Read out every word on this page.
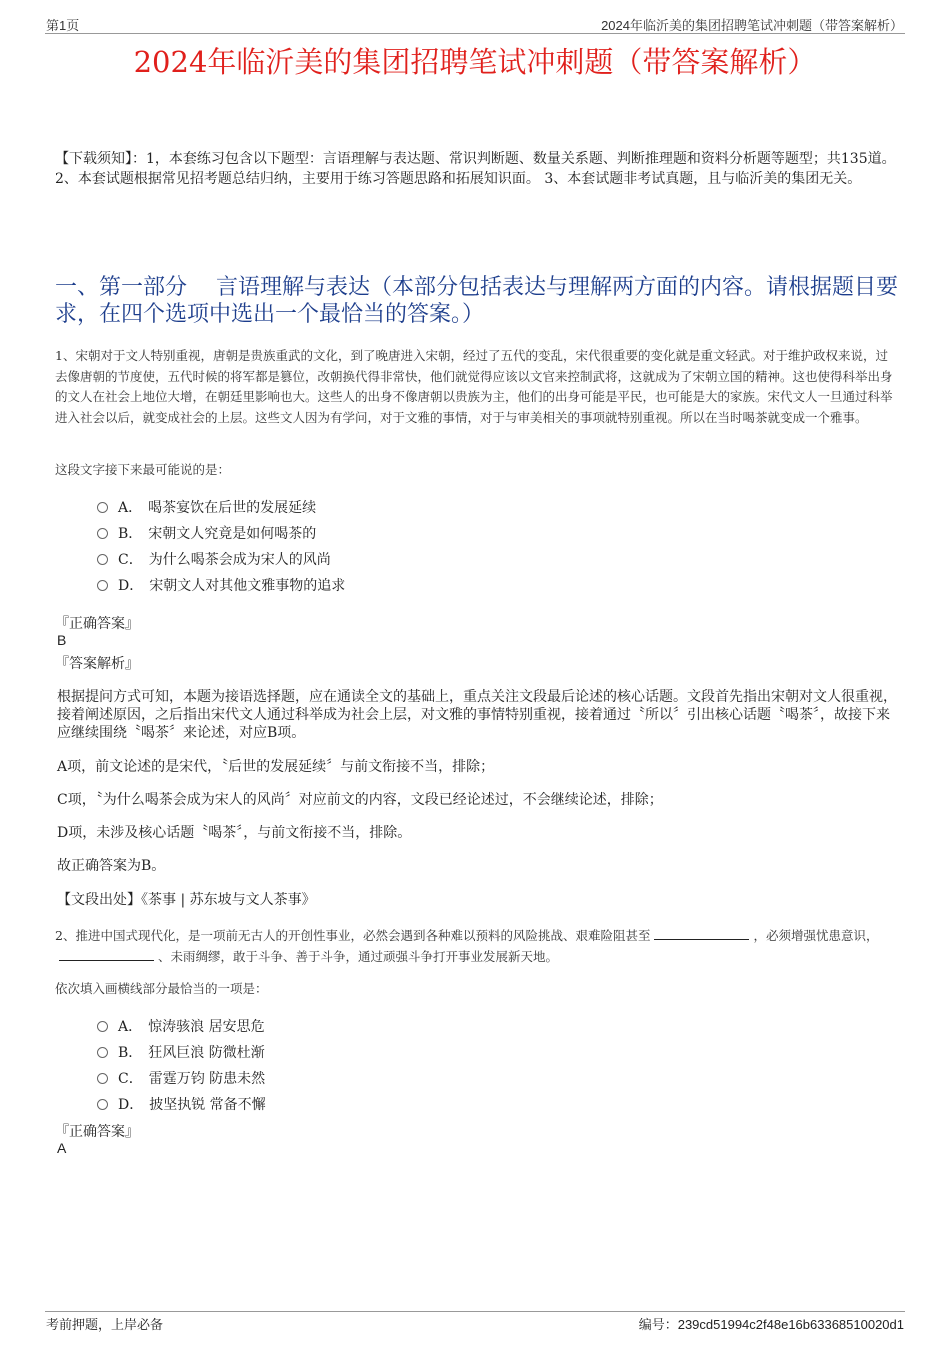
第1页	2024年临沂美的集团招聘笔试冲刺题（带答案解析）
2024年临沂美的集团招聘笔试冲刺题（带答案解析）
【下载须知】：1，本套练习包含以下题型：言语理解与表达题、常识判断题、数量关系题、判断推理题和资料分析题等题型；共135道。 2、本套试题根据常见招考题总结归纳，主要用于练习答题思路和拓展知识面。 3、本套试题非考试真题，且与临沂美的集团无关。
一、第一部分　 言语理解与表达（本部分包括表达与理解两方面的内容。请根据题目要求，在四个选项中选出一个最恰当的答案。）
1、宋朝对于文人特别重视，唐朝是贵族重武的文化，到了晚唐进入宋朝，经过了五代的变乱，宋代很重要的变化就是重文轻武。对于维护政权来说，过去像唐朝的节度使，五代时候的将军都是篡位，改朝换代得非常快，他们就觉得应该以文官来控制武将，这就成为了宋朝立国的精神。这也使得科举出身的文人在社会上地位大增，在朝廷里影响也大。这些人的出身不像唐朝以贵族为主，他们的出身可能是平民，也可能是大的家族。宋代文人一旦通过科举进入社会以后，就变成社会的上层。这些文人因为有学问，对于文雅的事情，对于与审美相关的事项就特别重视。所以在当时喝茶就变成一个雅事。
这段文字接下来最可能说的是：
A． 喝茶宴饮在后世的发展延续
B． 宋朝文人究竟是如何喝茶的
C． 为什么喝茶会成为宋人的风尚
D． 宋朝文人对其他文雅事物的追求
『正确答案』
B
『答案解析』
根据提问方式可知，本题为接语选择题，应在通读全文的基础上，重点关注文段最后论述的核心话题。文段首先指出宋朝对文人很重视，接着阐述原因，之后指出宋代文人通过科举成为社会上层，对文雅的事情特别重视，接着通过〝所以〞引出核心话题〝喝茶〞，故接下来应继续围绕〝喝茶〞来论述，对应B项。
A项，前文论述的是宋代，〝后世的发展延续〞与前文衔接不当，排除；
C项，〝为什么喝茶会成为宋人的风尚〞对应前文的内容，文段已经论述过，不会继续论述，排除；
D项，未涉及核心话题〝喝茶〞，与前文衔接不当，排除。
故正确答案为B。
【文段出处】《茶事 | 苏东坡与文人茶事》
2、推进中国式现代化，是一项前无古人的开创性事业，必然会遇到各种难以预料的风险挑战、艰难险阻甚至	，必须增强忧患意识，、未雨绸缪，敢于斗争、善于斗争，通过顽强斗争打开事业发展新天地。
依次填入画横线部分最恰当的一项是：
A． 惊涛骇浪 居安思危
B． 狂风巨浪 防微杜渐
C． 雷霆万钧 防患未然
D． 披坚执锐 常备不懈
『正确答案』
A
考前押题，上岸必备	编号：239cd51994c2f48e16b63368510020d1
